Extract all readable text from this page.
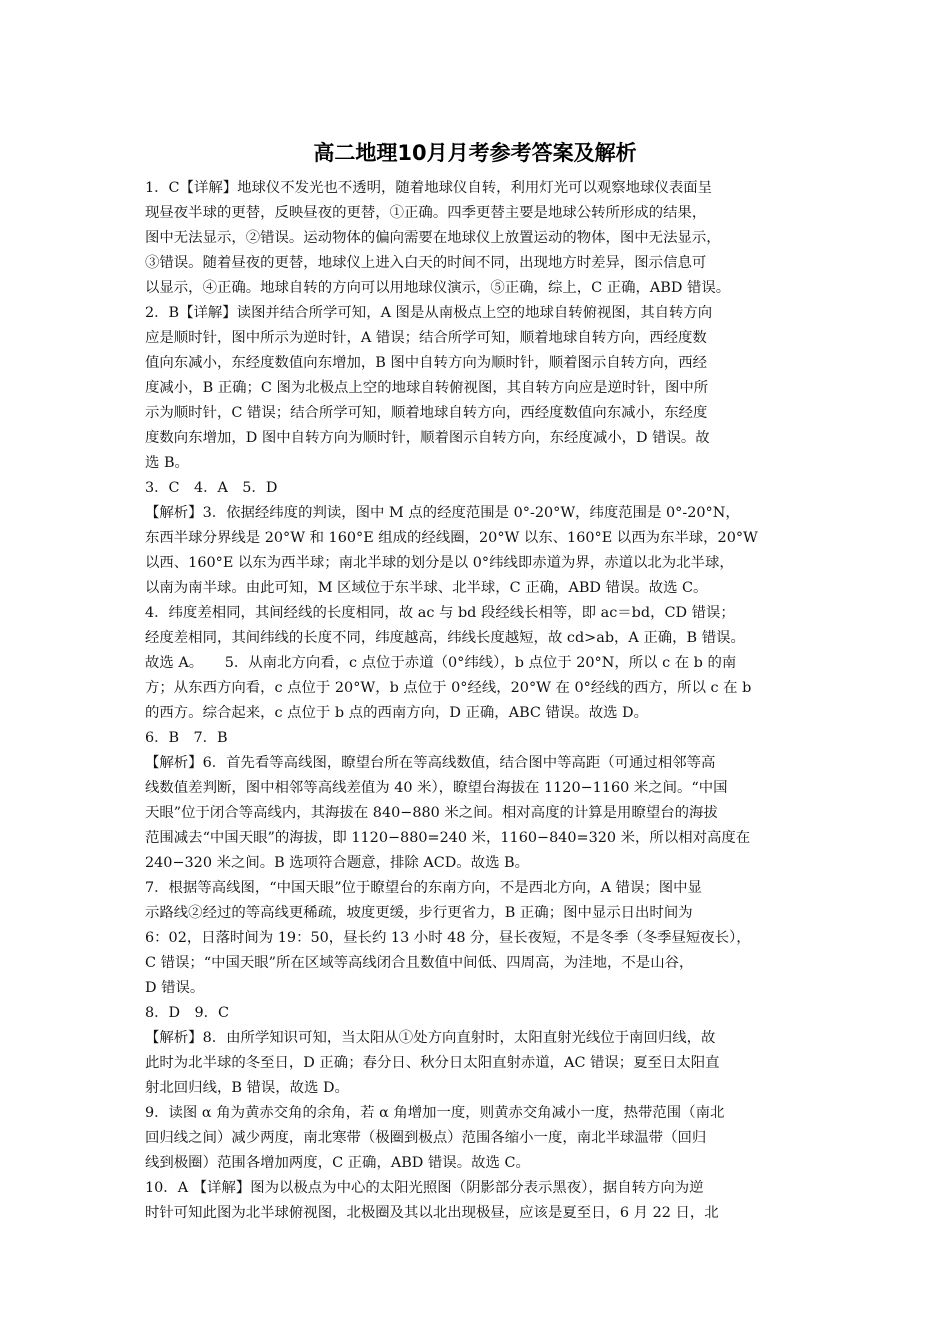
高二地理10月月考参考答案及解析
1．C【详解】地球仪不发光也不透明，随着地球仪自转，利用灯光可以观察地球仪表面呈
现昼夜半球的更替，反映昼夜的更替，①正确。四季更替主要是地球公转所形成的结果，
图中无法显示，②错误。运动物体的偏向需要在地球仪上放置运动的物体，图中无法显示，
③错误。随着昼夜的更替，地球仪上进入白天的时间不同，出现地方时差异，图示信息可
以显示，④正确。地球自转的方向可以用地球仪演示，⑤正确，综上，C 正确，ABD 错误。
2．B【详解】读图并结合所学可知，A 图是从南极点上空的地球自转俯视图，其自转方向
应是顺时针，图中所示为逆时针，A 错误；结合所学可知，顺着地球自转方向，西经度数
值向东减小，东经度数值向东增加，B 图中自转方向为顺时针，顺着图示自转方向，西经
度减小，B 正确；C 图为北极点上空的地球自转俯视图，其自转方向应是逆时针，图中所
示为顺时针，C 错误；结合所学可知，顺着地球自转方向，西经度数值向东减小，东经度
度数向东增加，D 图中自转方向为顺时针，顺着图示自转方向，东经度减小，D 错误。故
选 B。
3．C　4．A　5．D
【解析】3．依据经纬度的判读，图中 M 点的经度范围是 0°-20°W，纬度范围是 0°-20°N，
东西半球分界线是 20°W 和 160°E 组成的经线圈，20°W 以东、160°E 以西为东半球，20°W
以西、160°E 以东为西半球；南北半球的划分是以 0°纬线即赤道为界，赤道以北为北半球，
以南为南半球。由此可知，M 区域位于东半球、北半球，C 正确，ABD 错误。故选 C。
4．纬度差相同，其间经线的长度相同，故 ac 与 bd 段经线长相等，即 ac＝bd，CD 错误；
经度差相同，其间纬线的长度不同，纬度越高，纬线长度越短，故 cd>ab，A 正确，B 错误。
故选 A。　　5．从南北方向看，c 点位于赤道（0°纬线），b 点位于 20°N，所以 c 在 b 的南
方；从东西方向看，c 点位于 20°W，b 点位于 0°经线，20°W 在 0°经线的西方，所以 c 在 b
的西方。综合起来，c 点位于 b 点的西南方向，D 正确，ABC 错误。故选 D。
6．B　7．B
【解析】6．首先看等高线图，瞭望台所在等高线数值，结合图中等高距（可通过相邻等高
线数值差判断，图中相邻等高线差值为 40 米），瞭望台海拔在 1120−1160 米之间。“中国
天眼”位于闭合等高线内，其海拔在 840−880 米之间。相对高度的计算是用瞭望台的海拔
范围减去“中国天眼”的海拔，即 1120−880=240 米，1160−840=320 米，所以相对高度在
240−320 米之间。B 选项符合题意，排除 ACD。故选 B。
7．根据等高线图，“中国天眼”位于瞭望台的东南方向，不是西北方向，A 错误；图中显
示路线②经过的等高线更稀疏，坡度更缓，步行更省力，B 正确；图中显示日出时间为
6：02，日落时间为 19：50，昼长约 13 小时 48 分，昼长夜短，不是冬季（冬季昼短夜长），
C 错误；“中国天眼”所在区域等高线闭合且数值中间低、四周高，为洼地，不是山谷，
D 错误。
8．D　9．C
【解析】8．由所学知识可知，当太阳从①处方向直射时，太阳直射光线位于南回归线，故
此时为北半球的冬至日，D 正确；春分日、秋分日太阳直射赤道，AC 错误；夏至日太阳直
射北回归线，B 错误，故选 D。
9．读图 α 角为黄赤交角的余角，若 α 角增加一度，则黄赤交角减小一度，热带范围（南北
回归线之间）减少两度，南北寒带（极圈到极点）范围各缩小一度，南北半球温带（回归
线到极圈）范围各增加两度，C 正确，ABD 错误。故选 C。
10．A 【详解】图为以极点为中心的太阳光照图（阴影部分表示黑夜），据自转方向为逆
时针可知此图为北半球俯视图，北极圈及其以北出现极昼，应该是夏至日，6 月 22 日，北
